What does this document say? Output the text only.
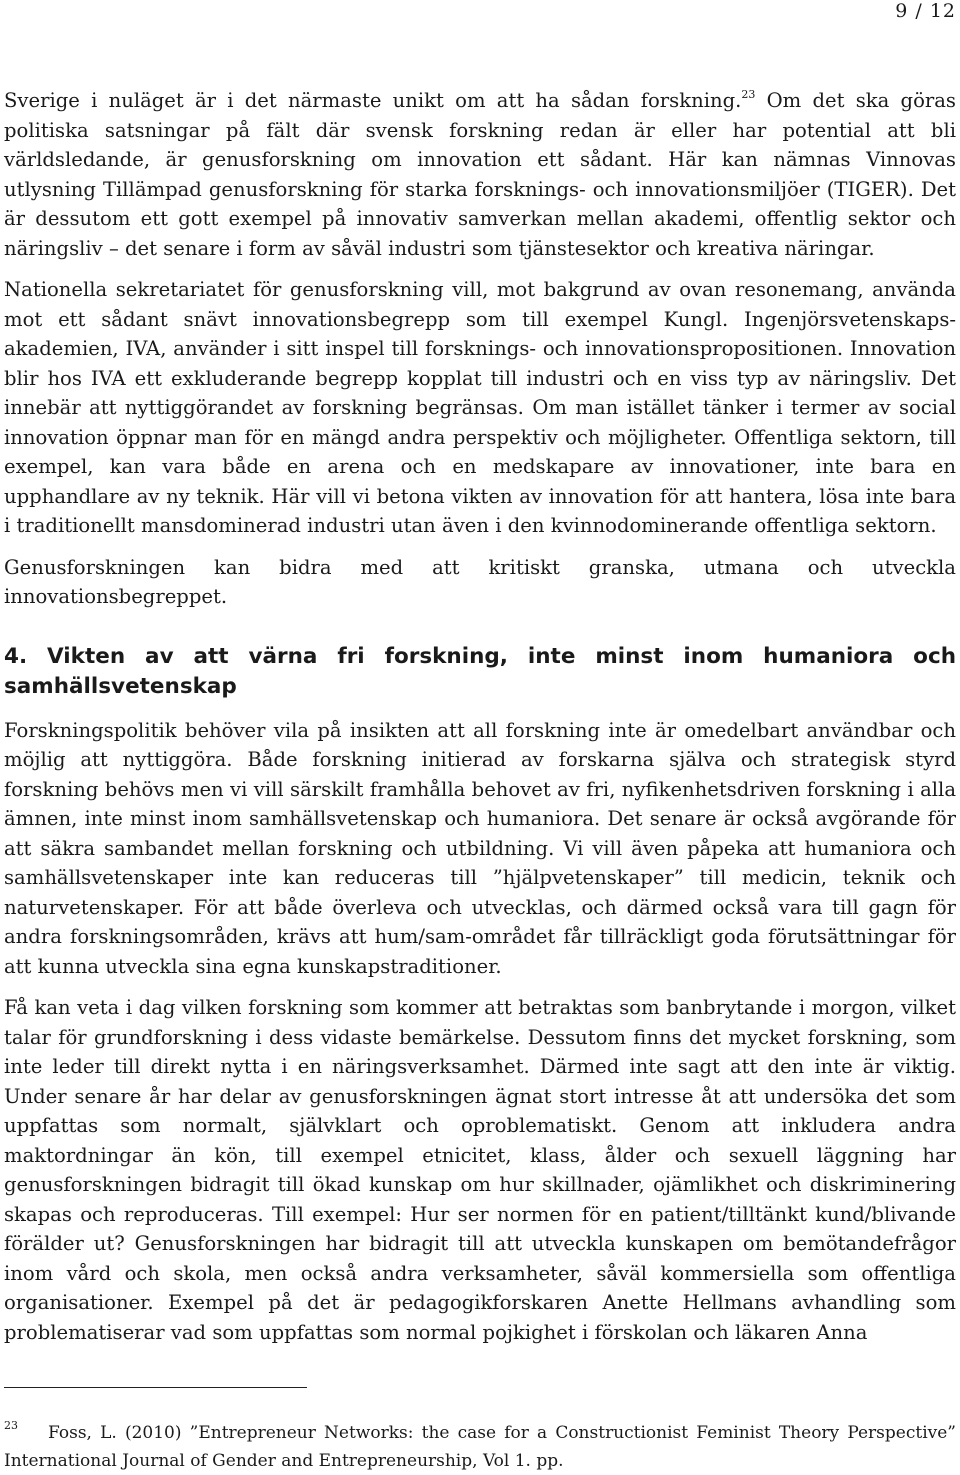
9 / 12

Sverige i nuläget är i det närmaste unikt om att ha sådan forskning.$^{23}$ Om det ska göras politiska satsningar på fält där svensk forskning redan är eller har potential att bli världsledande, är genusforskning om innovation ett sådant. Här kan nämnas Vinnovas utlysning Tillämpad genusforskning för starka forsknings- och innovationsmiljöer (TIGER). Det är dessutom ett gott exempel på innovativ samverkan mellan akademi, offentlig sektor och näringsliv – det senare i form av såväl industri som tjänstesektor och kreativa näringar.

Nationella sekretariatet för genusforskning vill, mot bakgrund av ovan resonemang, använda mot ett sådant snävt innovationsbegrepp som till exempel Kungl. Ingenjörsvetenskaps-akademien, IVA, använder i sitt inspel till forsknings- och innovationspropositionen. Innovation blir hos IVA ett exkluderande begrepp kopplat till industri och en viss typ av näringsliv. Det innebär att nyttiggörandet av forskning begränsas. Om man istället tänker i termer av social innovation öppnar man för en mängd andra perspektiv och möjligheter. Offentliga sektorn, till exempel, kan vara både en arena och en medskapare av innovationer, inte bara en upphandlare av ny teknik. Här vill vi betona vikten av innovation för att hantera, lösa inte bara i traditionellt mansdominerad industri utan även i den kvinnodominerande offentliga sektorn.

Genusforskningen kan bidra med att kritiskt granska, utmana och utveckla innovationsbegreppet.

4. Vikten av att värna fri forskning, inte minst inom humaniora och samhällsvetenskap

Forskningspolitik behöver vila på insikten att all forskning inte är omedelbart användbar och möjlig att nyttiggöra. Både forskning initierad av forskarna själva och strategisk styrd forskning behövs men vi vill särskilt framhålla behovet av fri, nyfikenhetsdriven forskning i alla ämnen, inte minst inom samhällsvetenskap och humaniora. Det senare är också avgörande för att säkra sambandet mellan forskning och utbildning. Vi vill även påpeka att humaniora och samhällsvetenskaper inte kan reduceras till ”hjälpvetenskaper” till medicin, teknik och naturvetenskaper. För att både överleva och utvecklas, och därmed också vara till gagn för andra forskningsområden, krävs att hum/sam-området får tillräckligt goda förutsättningar för att kunna utveckla sina egna kunskapstraditioner.

Få kan veta i dag vilken forskning som kommer att betraktas som banbrytande i morgon, vilket talar för grundforskning i dess vidaste bemärkelse. Dessutom finns det mycket forskning, som inte leder till direkt nytta i en näringsverksamhet. Därmed inte sagt att den inte är viktig. Under senare år har delar av genusforskningen ägnat stort intresse åt att undersöka det som uppfattas som normalt, självklart och oproblematiskt. Genom att inkludera andra maktordningar än kön, till exempel etnicitet, klass, ålder och sexuell läggning har genusforskningen bidragit till ökad kunskap om hur skillnader, ojämlikhet och diskriminering skapas och reproduceras. Till exempel: Hur ser normen för en patient/tilltänkt kund/blivande förälder ut? Genusforskningen har bidragit till att utveckla kunskapen om bemötandefrågor inom vård och skola, men också andra verksamheter, såväl kommersiella som offentliga organisationer. Exempel på det är pedagogikforskaren Anette Hellmans avhandling som problematiserar vad som uppfattas som normal pojkighet i förskolan och läkaren Anna

$^{23}$ Foss, L. (2010) ”Entrepreneur Networks: the case for a Constructionist Feminist Theory Perspective” International Journal of Gender and Entrepreneurship, Vol 1. pp.
